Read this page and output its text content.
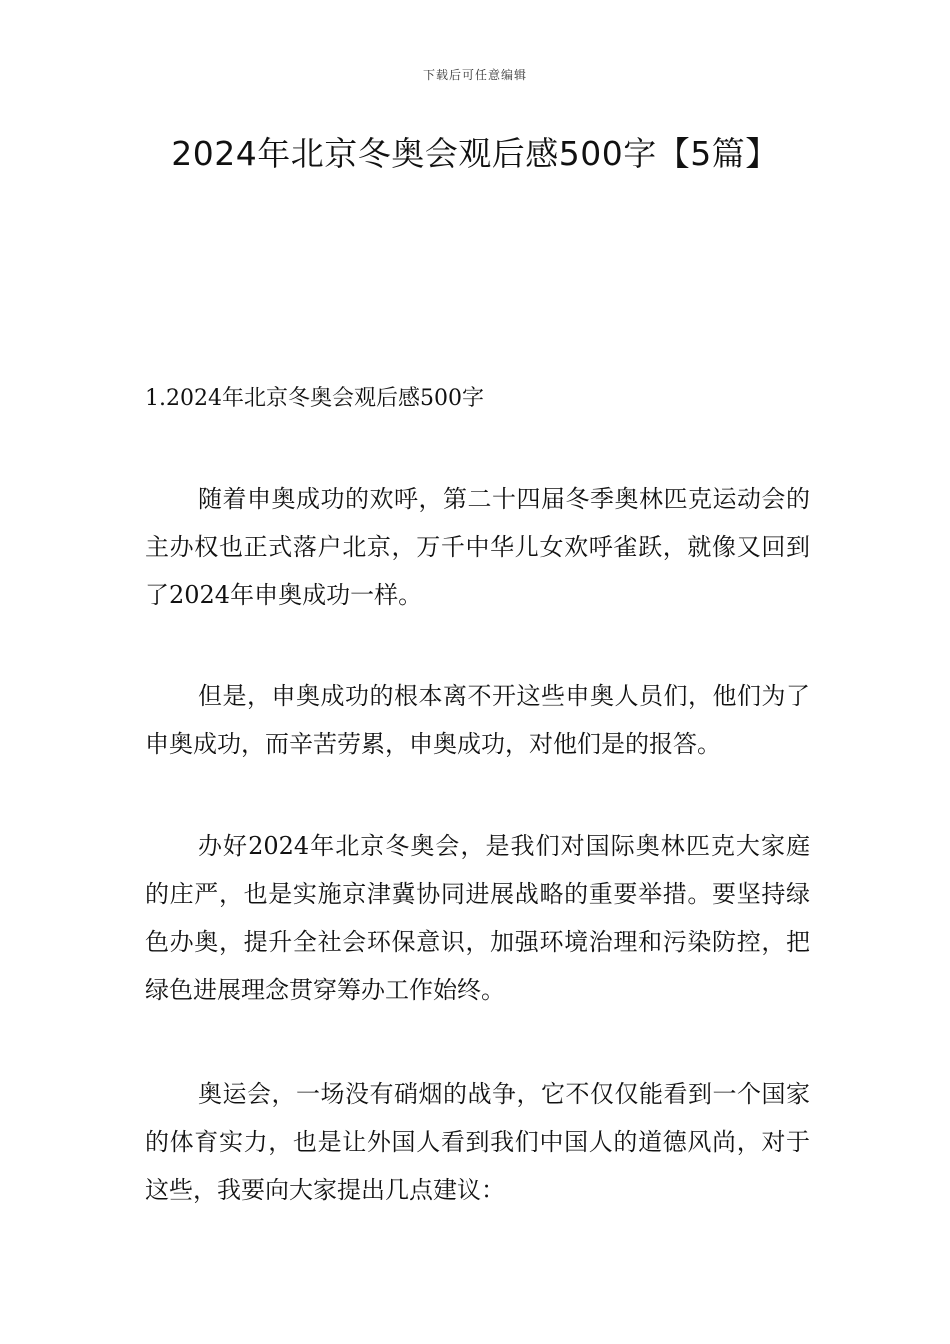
下载后可任意编辑
2024年北京冬奥会观后感500字【5篇】
1.2024年北京冬奥会观后感500字

随着申奥成功的欢呼，第二十四届冬季奥林匹克运动会的主办权也正式落户北京，万千中华儿女欢呼雀跃，就像又回到了2024年申奥成功一样。

但是，申奥成功的根本离不开这些申奥人员们，他们为了申奥成功，而辛苦劳累，申奥成功，对他们是的报答。

办好2024年北京冬奥会，是我们对国际奥林匹克大家庭的庄严，也是实施京津冀协同进展战略的重要举措。要坚持绿色办奥，提升全社会环保意识，加强环境治理和污染防控，把绿色进展理念贯穿筹办工作始终。

奥运会，一场没有硝烟的战争，它不仅仅能看到一个国家的体育实力，也是让外国人看到我们中国人的道德风尚，对于这些，我要向大家提出几点建议：
